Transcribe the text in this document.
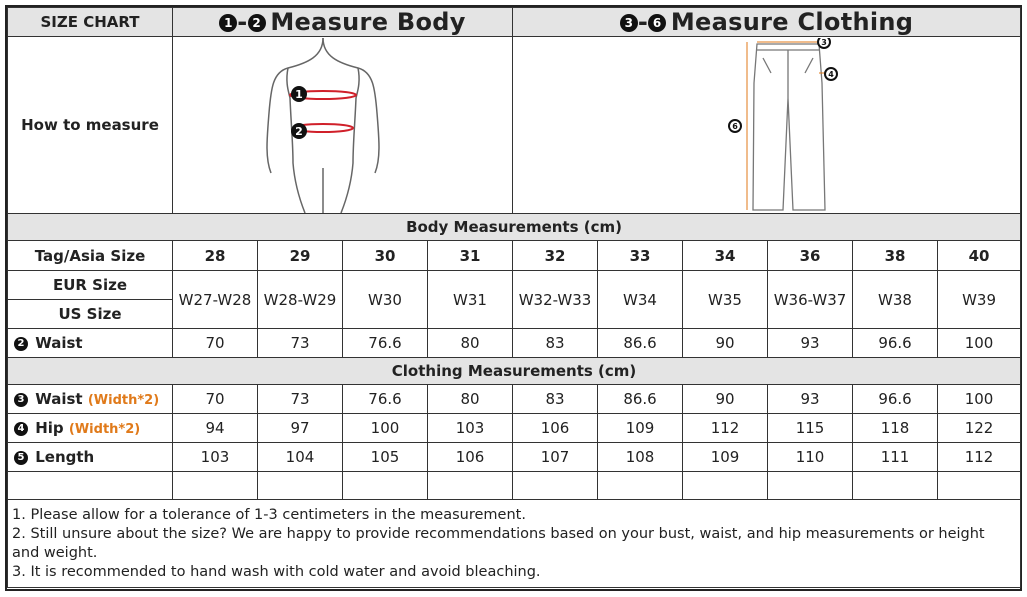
SIZE CHART	1 - 2 Measure Body				3 - 6 Measure Clothing					
How to measure	1
2				3
4
6					

Body Measurements (cm)										
Tag/Asia Size	28	29	30	31	32	33	34	36	38	40
EUR Size	W27-W28	W28-W29	W30	W31	W32-W33	W34	W35	W36-W37	W38	W39
US Size										
2 Waist	70	73	76.6	80	83	86.6	90	93	96.6	100
Clothing Measurements (cm)										
3 Waist (Width*2)	70	73	76.6	80	83	86.6	90	93	96.6	100
4 Hip (Width*2)	94	97	100	103	106	109	112	115	118	122
5 Length	103	104	105	106	107	108	109	110	111	112

1. Please allow for a tolerance of 1-3 centimeters in the measurement.
2. Still unsure about the size? We are happy to provide recommendations based on your bust, waist, and hip measurements or height and weight.
3. It is recommended to hand wash with cold water and avoid bleaching.										
